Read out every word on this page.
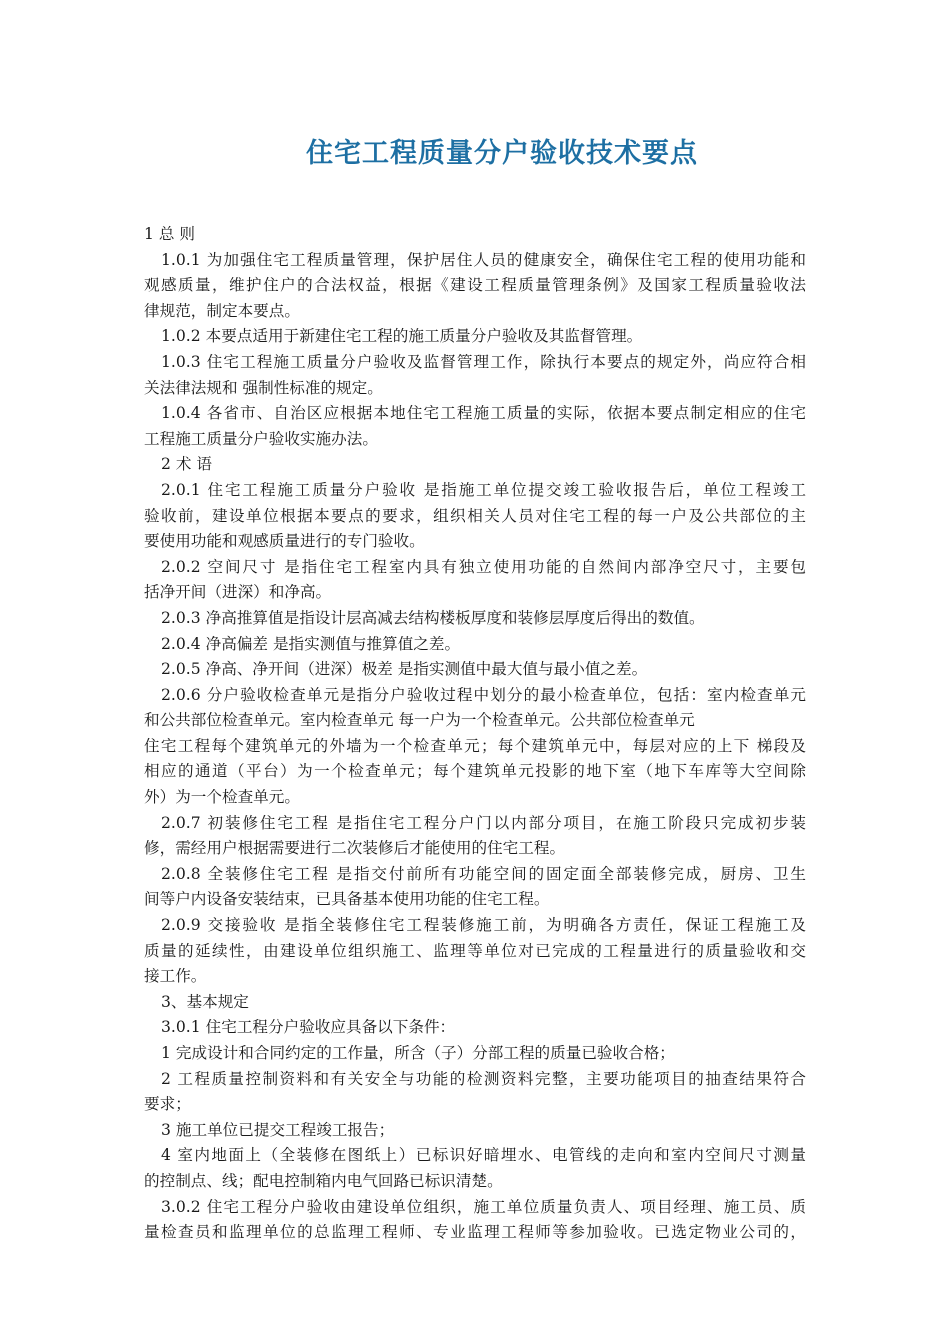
住宅工程质量分户验收技术要点
1 总 则
1.0.1 为加强住宅工程质量管理，保护居住人员的健康安全，确保住宅工程的使用功能和
观感质量，维护住户的合法权益，根据《建设工程质量管理条例》及国家工程质量验收法
律规范，制定本要点。
1.0.2 本要点适用于新建住宅工程的施工质量分户验收及其监督管理。
1.0.3 住宅工程施工质量分户验收及监督管理工作，除执行本要点的规定外，尚应符合相
关法律法规和 强制性标准的规定。
1.0.4 各省市、自治区应根据本地住宅工程施工质量的实际，依据本要点制定相应的住宅
工程施工质量分户验收实施办法。
2 术 语
2.0.1 住宅工程施工质量分户验收 是指施工单位提交竣工验收报告后，单位工程竣工
验收前，建设单位根据本要点的要求，组织相关人员对住宅工程的每一户及公共部位的主
要使用功能和观感质量进行的专门验收。
2.0.2 空间尺寸 是指住宅工程室内具有独立使用功能的自然间内部净空尺寸，主要包
括净开间（进深）和净高。
2.0.3 净高推算值是指设计层高减去结构楼板厚度和装修层厚度后得出的数值。
2.0.4 净高偏差 是指实测值与推算值之差。
2.0.5 净高、净开间（进深）极差 是指实测值中最大值与最小值之差。
2.0.6 分户验收检查单元是指分户验收过程中划分的最小检查单位，包括：室内检查单元
和公共部位检查单元。室内检查单元 每一户为一个检查单元。公共部位检查单元
住宅工程每个建筑单元的外墙为一个检查单元；每个建筑单元中，每层对应的上下 梯段及
相应的通道（平台）为一个检查单元；每个建筑单元投影的地下室（地下车库等大空间除
外）为一个检查单元。
2.0.7 初装修住宅工程 是指住宅工程分户门以内部分项目，在施工阶段只完成初步装
修，需经用户根据需要进行二次装修后才能使用的住宅工程。
2.0.8 全装修住宅工程 是指交付前所有功能空间的固定面全部装修完成，厨房、卫生
间等户内设备安装结束，已具备基本使用功能的住宅工程。
2.0.9 交接验收 是指全装修住宅工程装修施工前，为明确各方责任，保证工程施工及
质量的延续性，由建设单位组织施工、监理等单位对已完成的工程量进行的质量验收和交
接工作。
3、基本规定
3.0.1 住宅工程分户验收应具备以下条件：
1 完成设计和合同约定的工作量，所含（子）分部工程的质量已验收合格；
2 工程质量控制资料和有关安全与功能的检测资料完整，主要功能项目的抽查结果符合
要求；
3 施工单位已提交工程竣工报告；
4 室内地面上（全装修在图纸上）已标识好暗埋水、电管线的走向和室内空间尺寸测量
的控制点、线；配电控制箱内电气回路已标识清楚。
3.0.2 住宅工程分户验收由建设单位组织，施工单位质量负责人、项目经理、施工员、质
量检查员和监理单位的总监理工程师、专业监理工程师等参加验收。已选定物业公司的，
